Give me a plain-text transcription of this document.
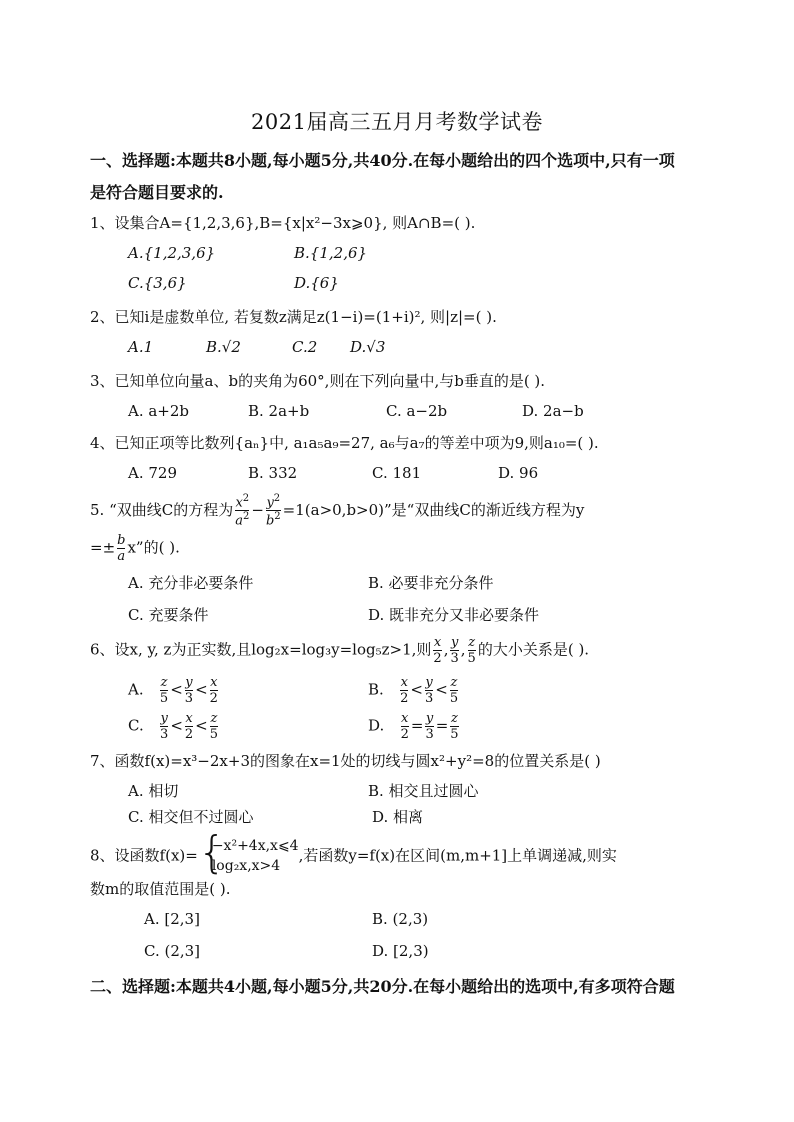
2021届高三五月月考数学试卷
一、选择题:本题共8小题,每小题5分,共40分.在每小题给出的四个选项中,只有一项
是符合题目要求的.
1、设集合A={1,2,3,6},B={x|x²−3x⩾0}, 则A∩B=( ).
A.{1,2,3,6}	B.{1,2,6}
C.{3,6}	D.{6}
2、已知i是虚数单位, 若复数z满足z(1−i)=(1+i)², 则|z|=( ).
A.1	B.√2	C.2 D.√3
3、已知单位向量a、b的夹角为60°,则在下列向量中,与b垂直的是( ).
A. a+2b	B. 2a+b	C. a−2b	D. 2a−b
4、已知正项等比数列{aₙ}中, a₁a₅a₉=27, a₆与a₇的等差中项为9,则a₁₀=( ).
A. 729	B. 332	C. 181	D. 96
5. “双曲线C的方程为 $\frac{x^2}{a^2} - \frac{y^2}{b^2} =1(a>0,b>0)$”是“双曲线C的渐近线方程为y
=± $\frac{b}{a} x$”的( ).
A. 充分非必要条件	B. 必要非充分条件
C. 充要条件	D. 既非充分又非必要条件
6、设x, y, z为正实数,且log₂x=log₃y=log₅z>1,则 $\frac{x}{2}$ , $\frac{y}{3}$ , $\frac{z}{5}$ 的大小关系是( ).
A. $\frac{z}{5} < \frac{y}{3} < \frac{x}{2}$	B. $\frac{x}{2} < \frac{y}{3} < \frac{z}{5}$
C. $\frac{y}{3} < \frac{x}{2} < \frac{z}{5}$	D. $\frac{x}{2} = \frac{y}{3} = \frac{z}{5}$
7、函数f(x)=x³−2x+3的图象在x=1处的切线与圆x²+y²=8的位置关系是( )
A. 相切	B. 相交且过圆心
C. 相交但不过圆心	D. 相离
8、设函数f(x)= {
−x²+4x,x⩽4
log₂x,x>4
,若函数y=f(x)在区间(m,m+1]上单调递减,则实
数m的取值范围是( ).
A. [2,3]	B. (2,3)
C. (2,3]	D. [2,3)
二、选择题:本题共4小题,每小题5分,共20分.在每小题给出的选项中,有多项符合题
